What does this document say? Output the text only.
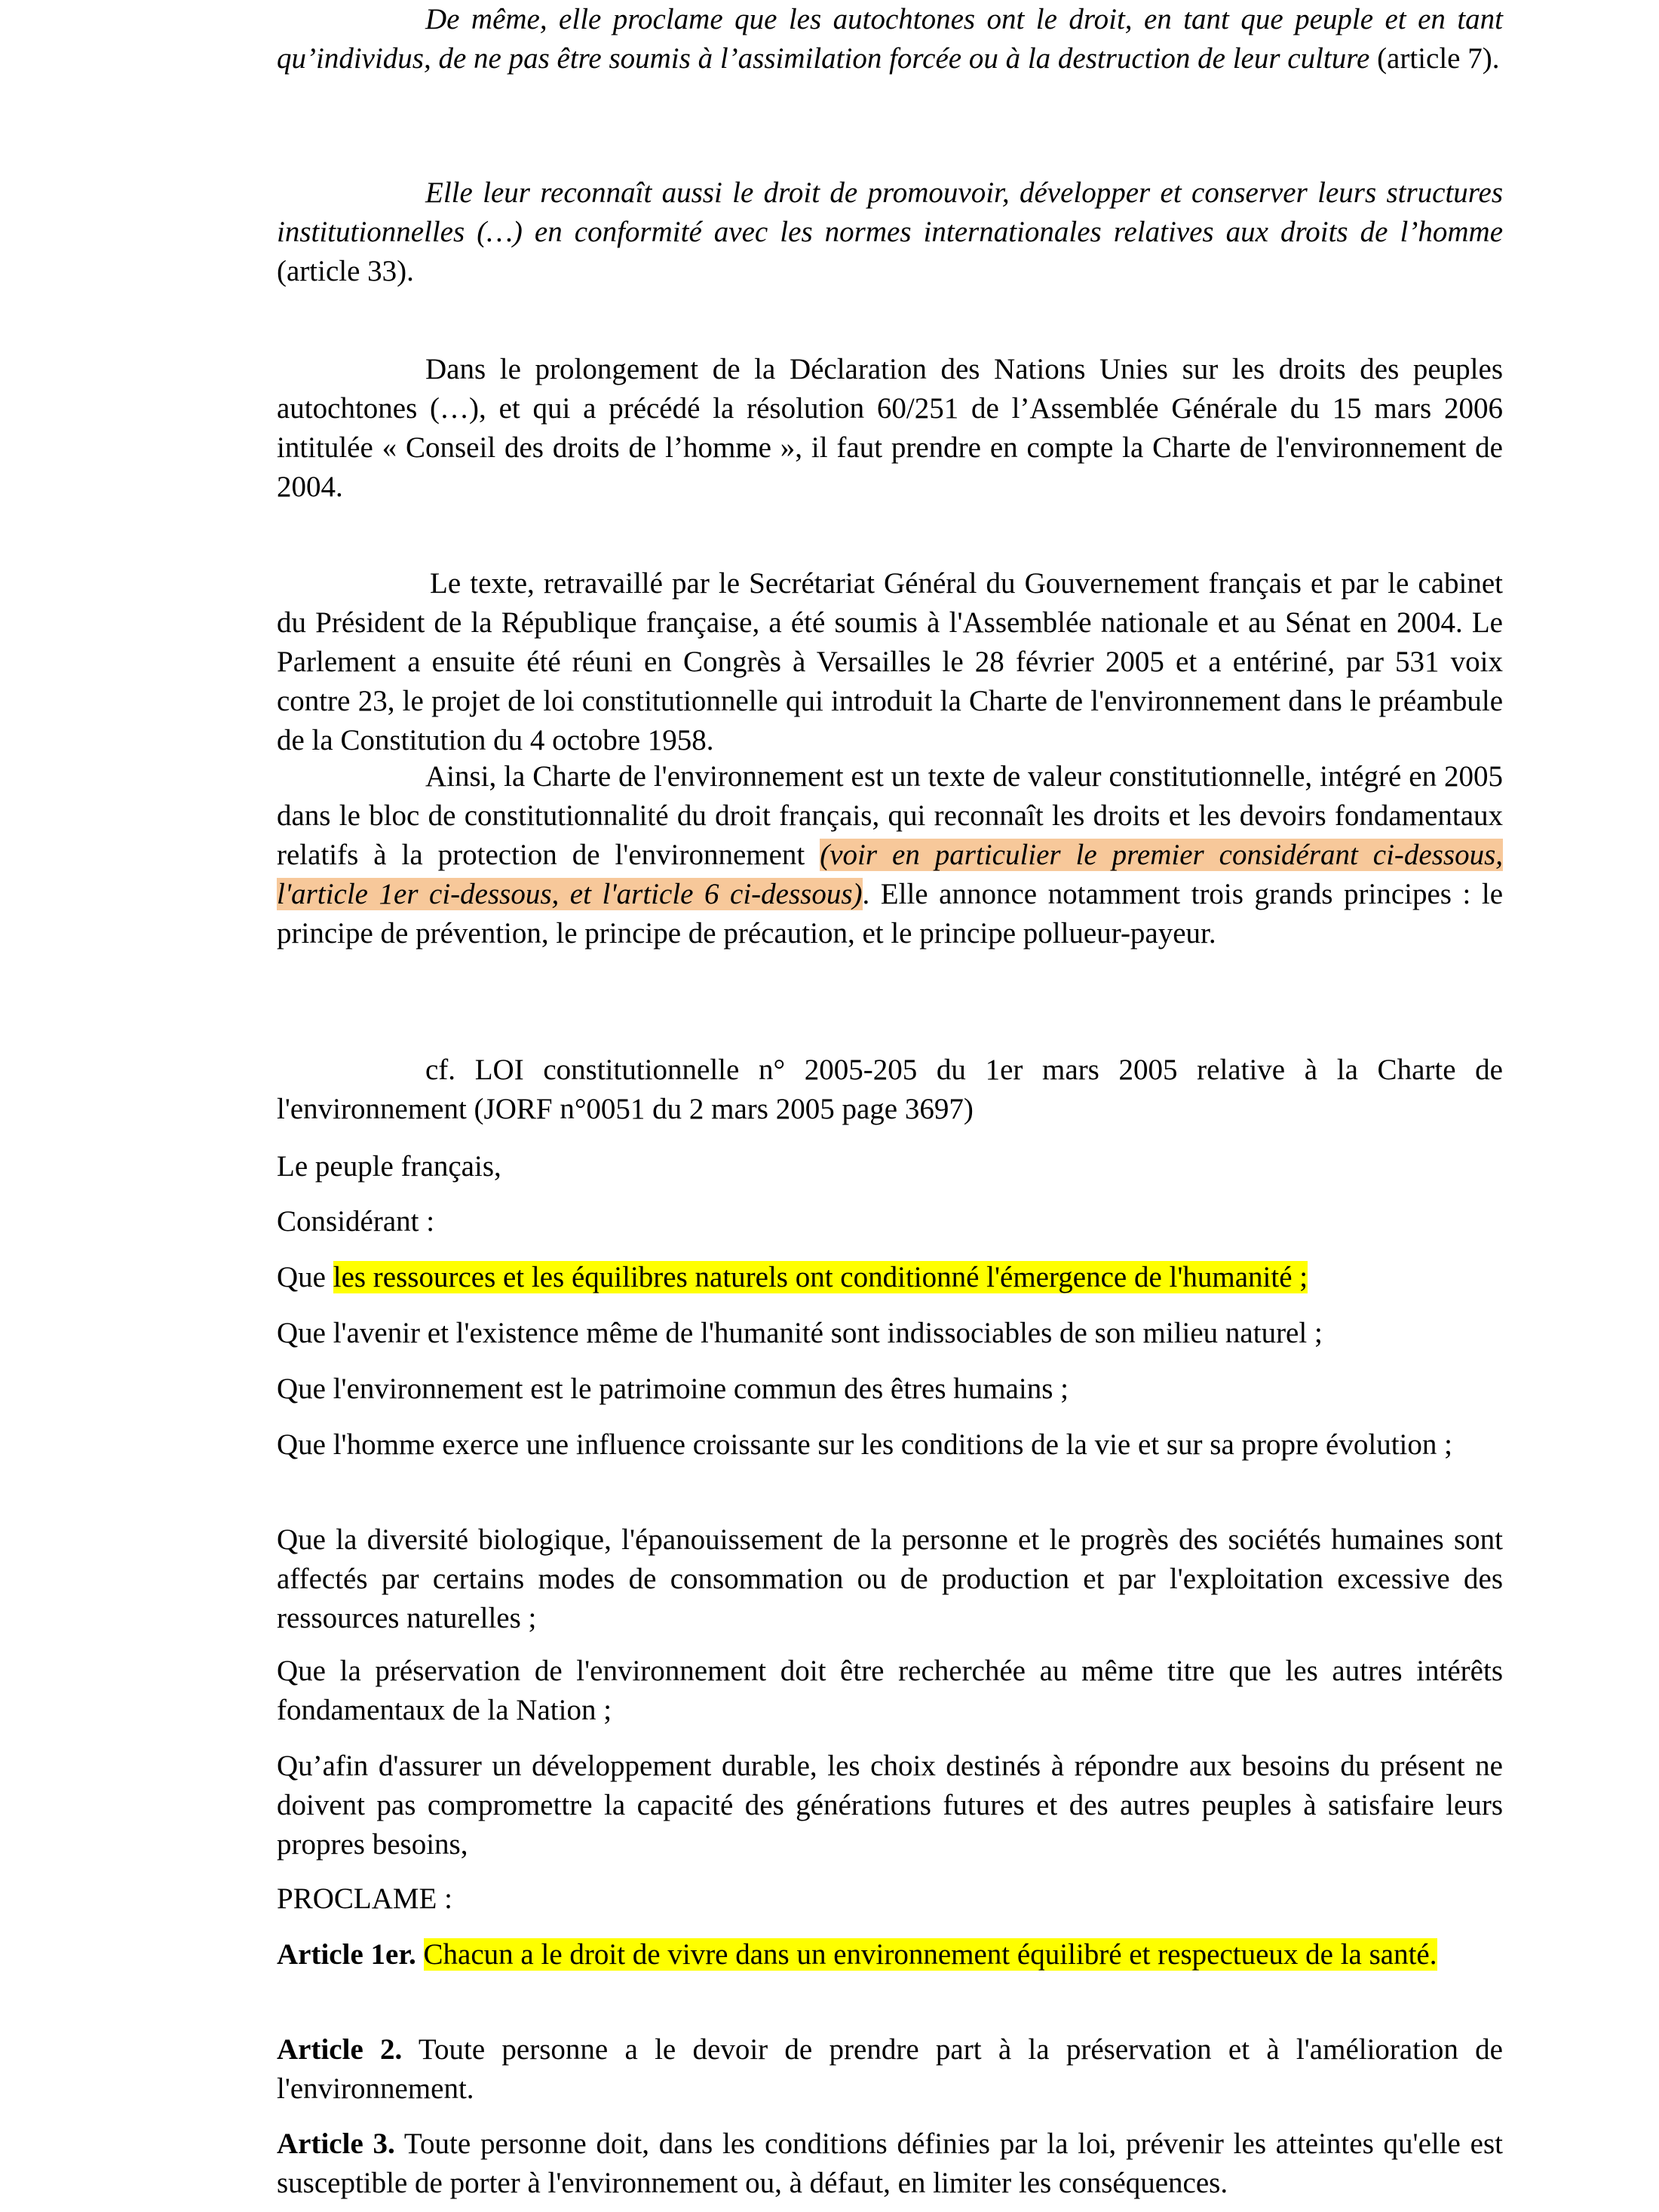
De même, elle proclame que les autochtones ont le droit, en tant que peuple et en tant qu’individus, de ne pas être soumis à l’assimilation forcée ou à la destruction de leur culture (article 7).

Elle leur reconnaît aussi le droit de promouvoir, développer et conserver leurs structures institutionnelles (…) en conformité avec les normes internationales relatives aux droits de l’homme (article 33).

Dans le prolongement de la Déclaration des Nations Unies sur les droits des peuples autochtones (…), et qui a précédé la résolution 60/251 de l’Assemblée Générale du 15 mars 2006 intitulée « Conseil des droits de l’homme », il faut prendre en compte la Charte de l'environnement de 2004.

Le texte, retravaillé par le Secrétariat Général du Gouvernement français et par le cabinet du Président de la République française, a été soumis à l'Assemblée nationale et au Sénat en 2004. Le Parlement a ensuite été réuni en Congrès à Versailles le 28 février 2005 et a entériné, par 531 voix contre 23, le projet de loi constitutionnelle qui introduit la Charte de l'environnement dans le préambule de la Constitution du 4 octobre 1958.

Ainsi, la Charte de l'environnement est un texte de valeur constitutionnelle, intégré en 2005 dans le bloc de constitutionnalité du droit français, qui reconnaît les droits et les devoirs fondamentaux relatifs à la protection de l'environnement (voir en particulier le premier considérant ci-dessous, l'article 1er ci-dessous, et l'article 6 ci-dessous). Elle annonce notamment trois grands principes : le principe de prévention, le principe de précaution, et le principe pollueur-payeur.

cf. LOI constitutionnelle n° 2005-205 du 1er mars 2005 relative à la Charte de l'environnement (JORF n°0051 du 2 mars 2005 page 3697)

Le peuple français,

Considérant :

Que les ressources et les équilibres naturels ont conditionné l'émergence de l'humanité ;

Que l'avenir et l'existence même de l'humanité sont indissociables de son milieu naturel ;

Que l'environnement est le patrimoine commun des êtres humains ;

Que l'homme exerce une influence croissante sur les conditions de la vie et sur sa propre évolution ;

Que la diversité biologique, l'épanouissement de la personne et le progrès des sociétés humaines sont affectés par certains modes de consommation ou de production et par l'exploitation excessive des ressources naturelles ;

Que la préservation de l'environnement doit être recherchée au même titre que les autres intérêts fondamentaux de la Nation ;

Qu’afin d'assurer un développement durable, les choix destinés à répondre aux besoins du présent ne doivent pas compromettre la capacité des générations futures et des autres peuples à satisfaire leurs propres besoins,

PROCLAME :

Article 1er. Chacun a le droit de vivre dans un environnement équilibré et respectueux de la santé.

Article 2. Toute personne a le devoir de prendre part à la préservation et à l'amélioration de l'environnement.

Article 3. Toute personne doit, dans les conditions définies par la loi, prévenir les atteintes qu'elle est susceptible de porter à l'environnement ou, à défaut, en limiter les conséquences.
